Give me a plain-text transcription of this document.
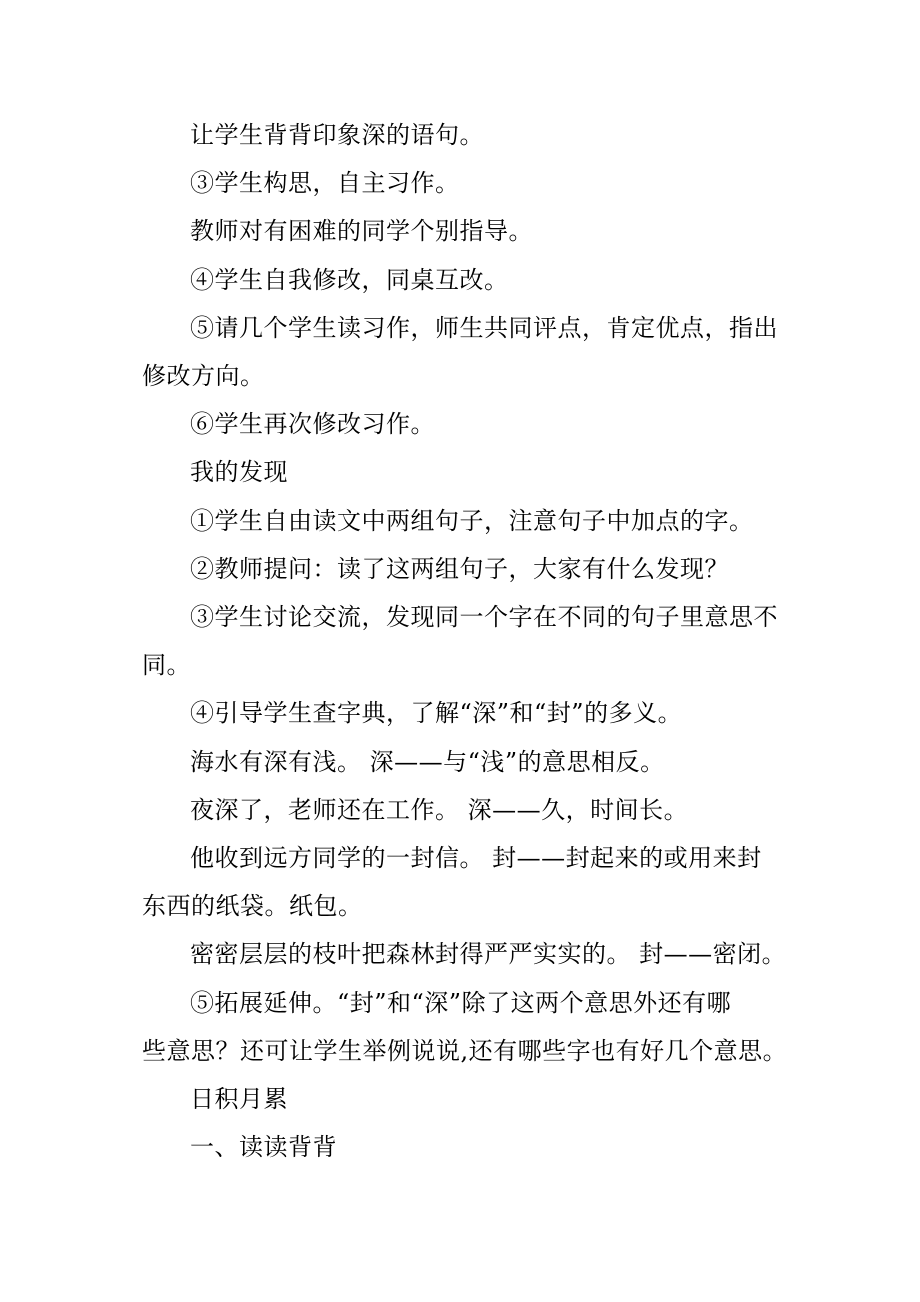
让学生背背印象深的语句。
③学生构思，自主习作。
教师对有困难的同学个别指导。
④学生自我修改，同桌互改。
⑤请几个学生读习作，师生共同评点，肯定优点，指出
修改方向。
⑥学生再次修改习作。
我的发现
①学生自由读文中两组句子，注意句子中加点的字。
②教师提问：读了这两组句子，大家有什么发现？
③学生讨论交流，发现同一个字在不同的句子里意思不
同。
④引导学生查字典，了解“深”和“封”的多义。
海水有深有浅。 深——与“浅”的意思相反。
夜深了，老师还在工作。 深——久，时间长。
他收到远方同学的一封信。 封——封起来的或用来封
东西的纸袋。纸包。
密密层层的枝叶把森林封得严严实实的。 封——密闭。
⑤拓展延伸。“封”和“深”除了这两个意思外还有哪
些意思？还可让学生举例说说,还有哪些字也有好几个意思。
日积月累
一、读读背背
